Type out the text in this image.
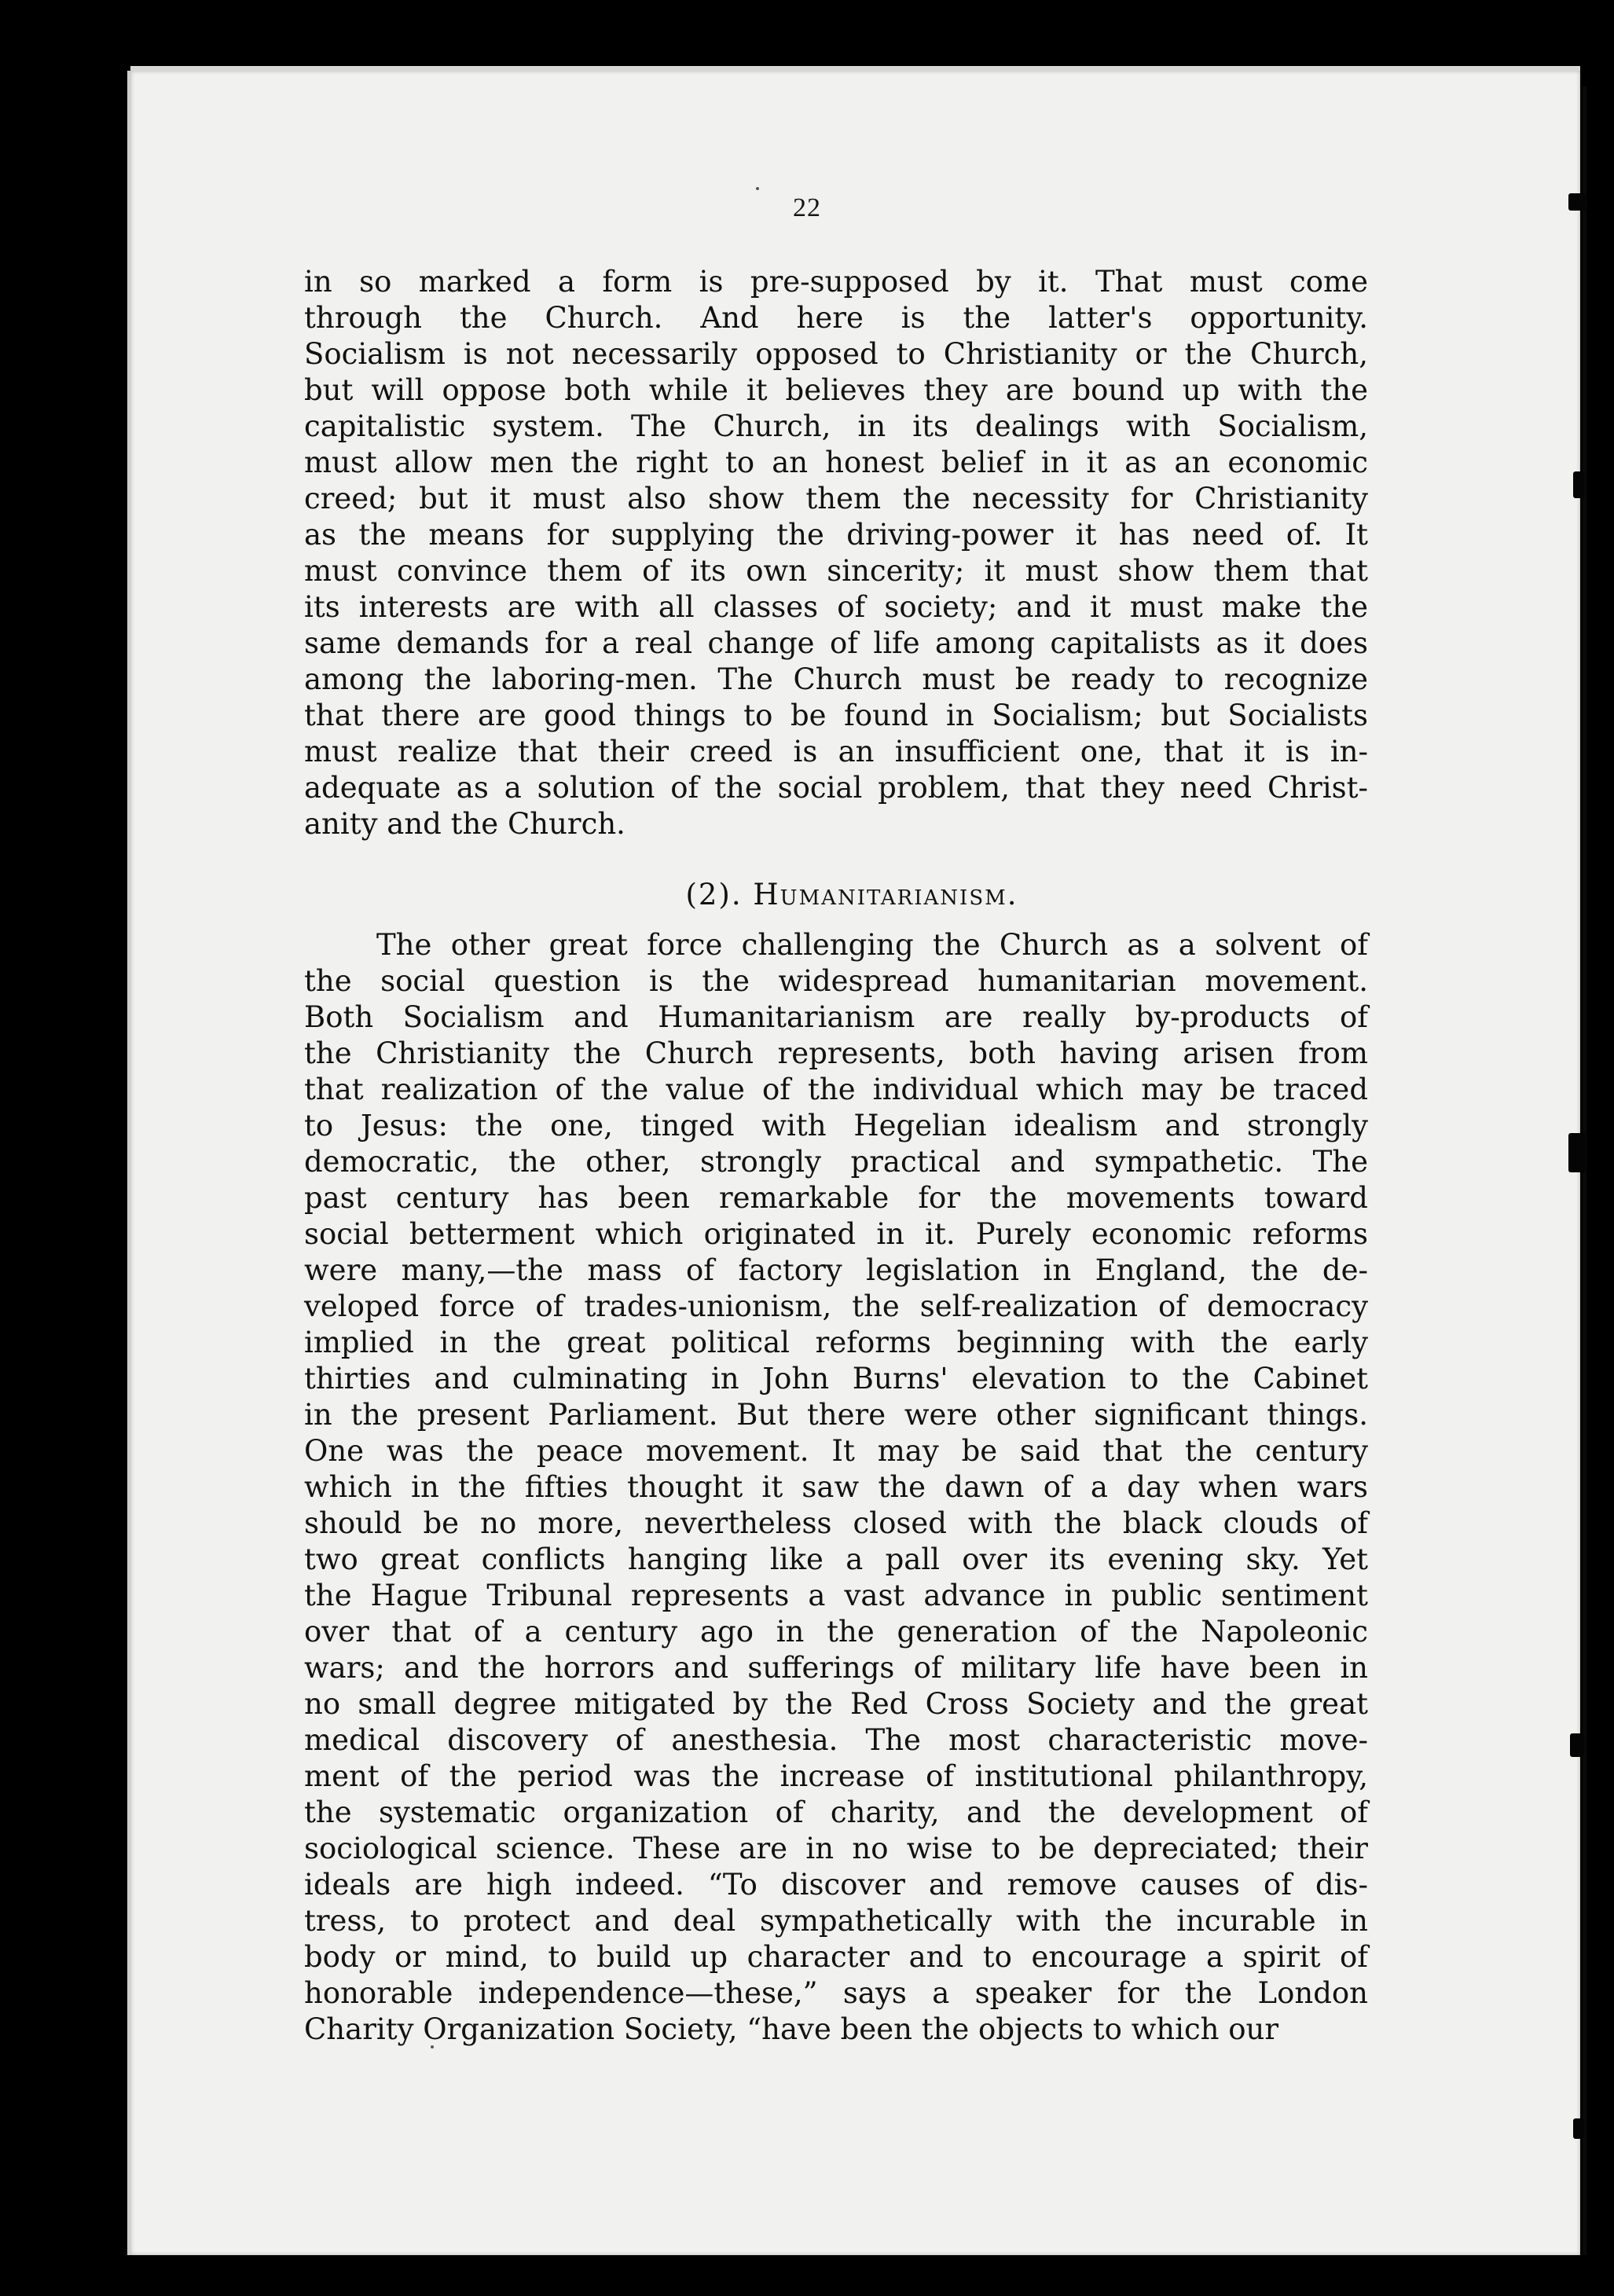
22
in so marked a form is pre-supposed by it. That must come
through the Church. And here is the latter's opportunity.
Socialism is not necessarily opposed to Christianity or the Church,
but will oppose both while it believes they are bound up with the
capitalistic system. The Church, in its dealings with Socialism,
must allow men the right to an honest belief in it as an economic
creed; but it must also show them the necessity for Christianity
as the means for supplying the driving-power it has need of. It
must convince them of its own sincerity; it must show them that
its interests are with all classes of society; and it must make the
same demands for a real change of life among capitalists as it does
among the laboring-men. The Church must be ready to recognize
that there are good things to be found in Socialism; but Socialists
must realize that their creed is an insufficient one, that it is in-
adequate as a solution of the social problem, that they need Christ-
anity and the Church.
(2). Humanitarianism.
The other great force challenging the Church as a solvent of
the social question is the widespread humanitarian movement.
Both Socialism and Humanitarianism are really by-products of
the Christianity the Church represents, both having arisen from
that realization of the value of the individual which may be traced
to Jesus: the one, tinged with Hegelian idealism and strongly
democratic, the other, strongly practical and sympathetic. The
past century has been remarkable for the movements toward
social betterment which originated in it. Purely economic reforms
were many,—the mass of factory legislation in England, the de-
veloped force of trades-unionism, the self-realization of democracy
implied in the great political reforms beginning with the early
thirties and culminating in John Burns' elevation to the Cabinet
in the present Parliament. But there were other significant things.
One was the peace movement. It may be said that the century
which in the fifties thought it saw the dawn of a day when wars
should be no more, nevertheless closed with the black clouds of
two great conflicts hanging like a pall over its evening sky. Yet
the Hague Tribunal represents a vast advance in public sentiment
over that of a century ago in the generation of the Napoleonic
wars; and the horrors and sufferings of military life have been in
no small degree mitigated by the Red Cross Society and the great
medical discovery of anesthesia. The most characteristic move-
ment of the period was the increase of institutional philanthropy,
the systematic organization of charity, and the development of
sociological science. These are in no wise to be depreciated; their
ideals are high indeed. “To discover and remove causes of dis-
tress, to protect and deal sympathetically with the incurable in
body or mind, to build up character and to encourage a spirit of
honorable independence—these,” says a speaker for the London
Charity Organization Society, “have been the objects to which our
